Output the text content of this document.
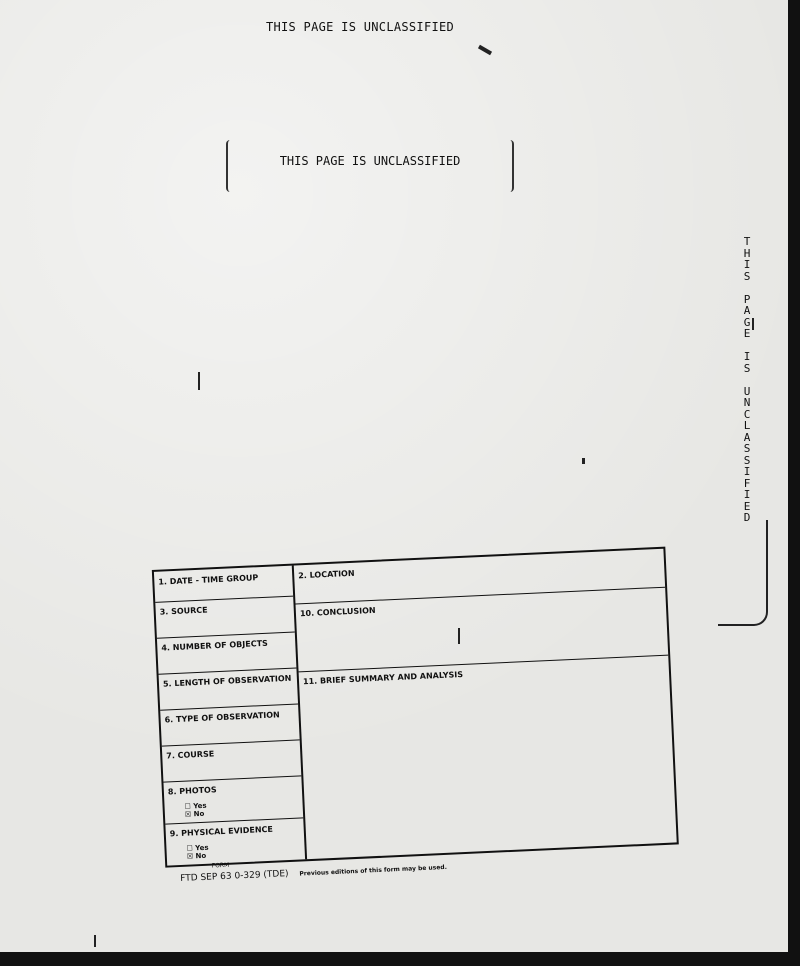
THIS PAGE IS UNCLASSIFIED
THIS PAGE IS UNCLASSIFIED
T
H
I
S

P
A
G
E

I
S

U
N
C
L
A
S
S
I
F
I
E
D
1. DATE - TIME GROUP
3. SOURCE
4. NUMBER OF OBJECTS
5. LENGTH OF OBSERVATION
6. TYPE OF OBSERVATION
7. COURSE
8. PHOTOS
☐ Yes
☒ No
9. PHYSICAL EVIDENCE
☐ Yes
☒ No
2. LOCATION
10. CONCLUSION
11. BRIEF SUMMARY AND ANALYSIS
FORM
FTD SEP 63 0-329 (TDE) Previous editions of this form may be used.
